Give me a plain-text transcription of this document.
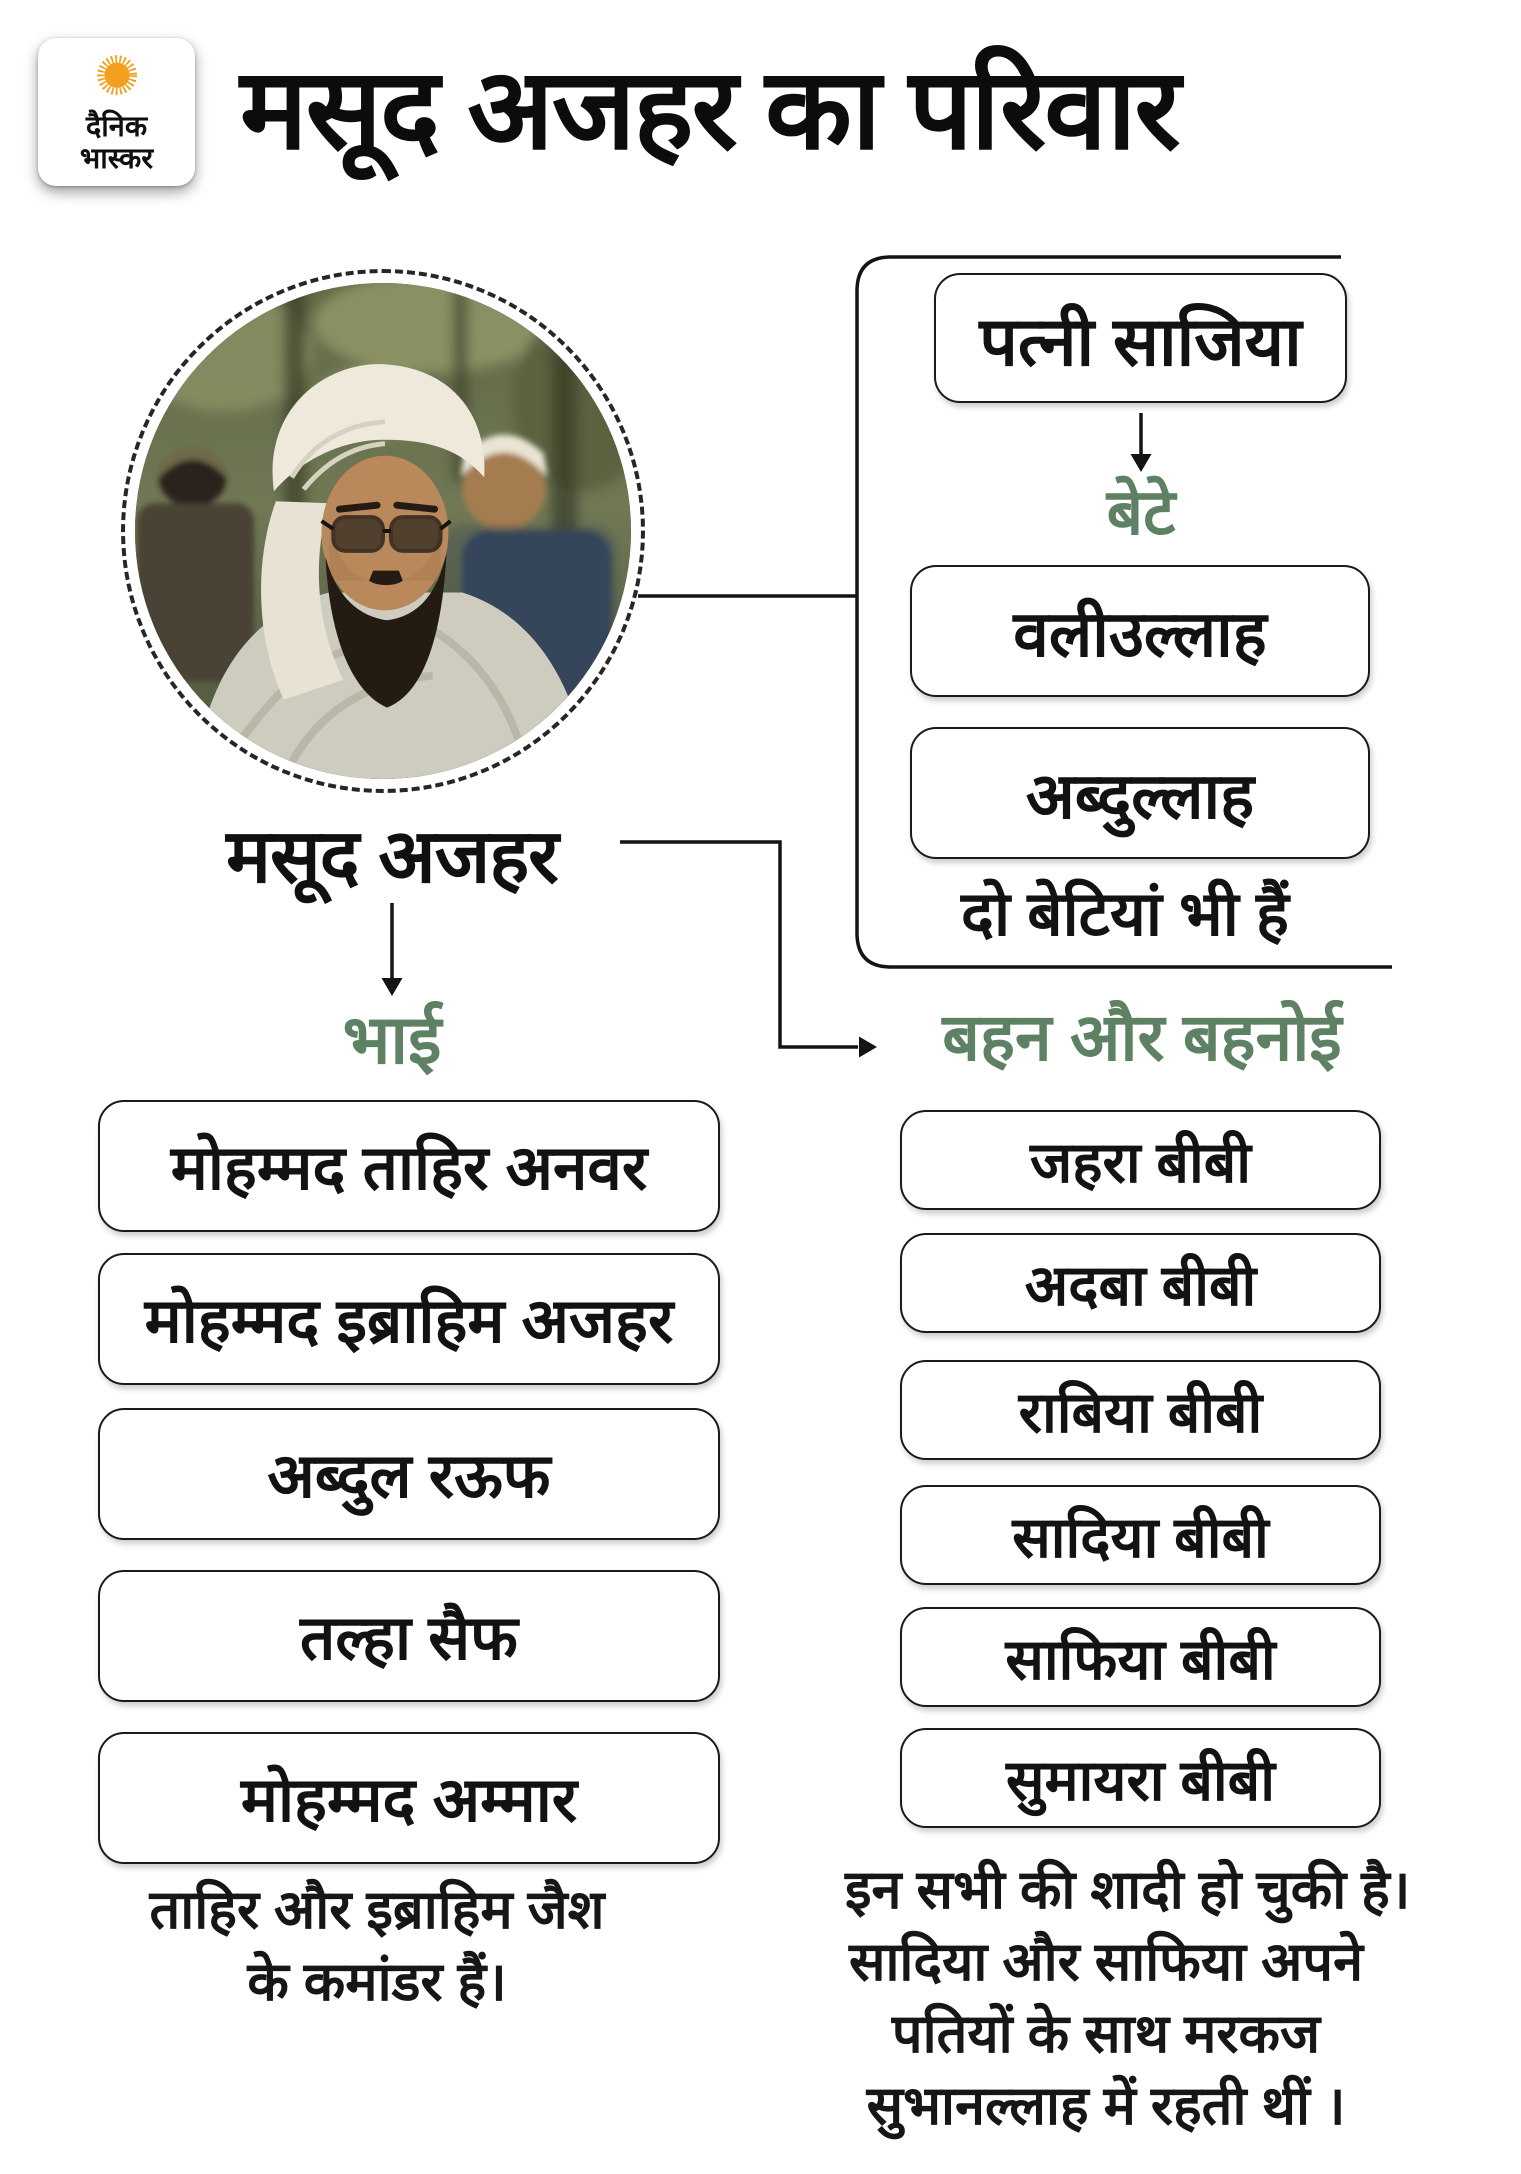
दैनिक
भास्कर मसूद अजहर का परिवार
मसूद अजहर
पत्नी साजिया
बेटे
वलीउल्लाह
अब्दुल्लाह
दो बेटियां भी हैं
भाई
मोहम्मद ताहिर अनवर
मोहम्मद इब्राहिम अजहर
अब्दुल रऊफ
तल्हा सैफ
मोहम्मद अम्मार
ताहिर और इब्राहिम जैश
के कमांडर हैं।
बहन और बहनोई
जहरा बीबी
अदबा बीबी
राबिया बीबी
सादिया बीबी
साफिया बीबी
सुमायरा बीबी
इन सभी की शादी हो चुकी है।
सादिया और साफिया अपने
पतियों के साथ मरकज
सुभानल्लाह में रहती थीं ।
